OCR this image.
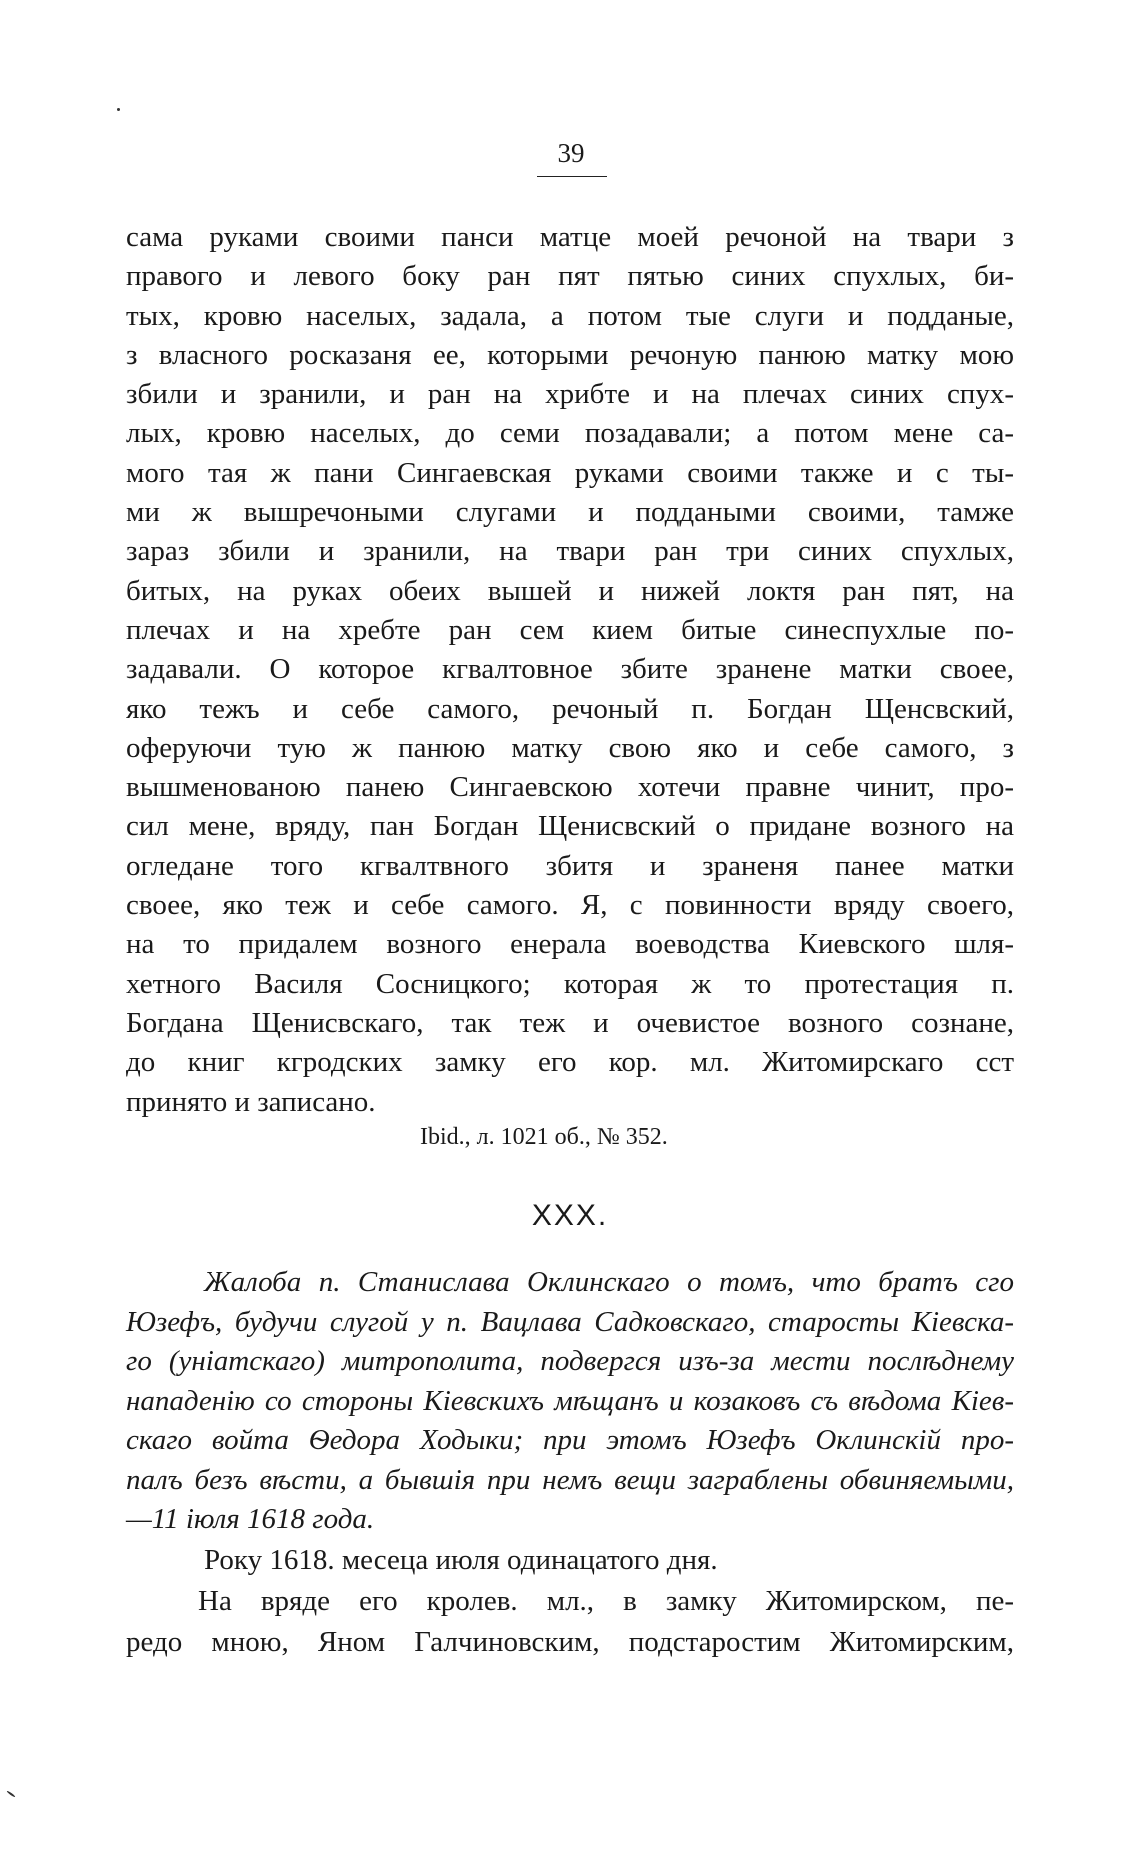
39
сама руками своими панси матце моей речоной на твари з
правого и левого боку ран пят пятью синих спухлых, би-
тых, кровю населых, задала, а потом тые слуги и подданые,
з власного росказаня ее, которыми речоную панюю матку мою
збили и зранили, и ран на хрибте и на плечах синих спух-
лых, кровю населых, до семи позадавали; а потом мене са-
мого тая ж пани Сингаевская руками своими также и с ты-
ми ж вышречоными слугами и поддаными своими, тамже
зараз збили и зранили, на твари ран три синих спухлых,
битых, на руках обеих вышей и нижей локтя ран пят, на
плечах и на хребте ран сем кием битые синеспухлые по-
задавали. О которое кгвалтовное збите зранене матки своее,
яко тежъ и себе самого, речоный п. Богдан Щенсвский,
оферуючи тую ж панюю матку свою яко и себе самого, з
вышменованою панею Сингаевскою хотечи правне чинит, про-
сил мене, вряду, пан Богдан Щенисвский о придане возного на
огледане того кгвалтвного збитя и зраненя панее матки
своее, яко теж и себе самого. Я, с повинности вряду своего,
на то придалем возного енерала воеводства Киевского шля-
хетного Василя Сосницкого; которая ж то протестация п.
Богдана Щенисвскаго, так теж и очевистое возного сознане,
до книг кгродских замку его кор. мл. Житомирскаго сст
принято и записано.
Ibid., л. 1021 об., № 352.
XXX.
Жалоба п. Станислава Оклинскаго о томъ, что братъ сго
Юзефъ, будучи слугой у п. Вацлава Садковскаго, старосты Кіевска-
го (уніатскаго) митрополита, подвергся изъ-за мести послѣднему
нападенію со стороны Кіевскихъ мѣщанъ и козаковъ съ вѣдома Кіев-
скаго войта Ѳедора Ходыки; при этомъ Юзефъ Оклинскій про-
палъ безъ вѣсти, а бывшія при немъ вещи заграблены обвиняемыми,
—11 іюля 1618 года.
Року 1618. месеца июля одинацатого дня.
На вряде его кролев. мл., в замку Житомирском, пе-
редо мною, Яном Галчиновским, подстаростим Житомирским,
